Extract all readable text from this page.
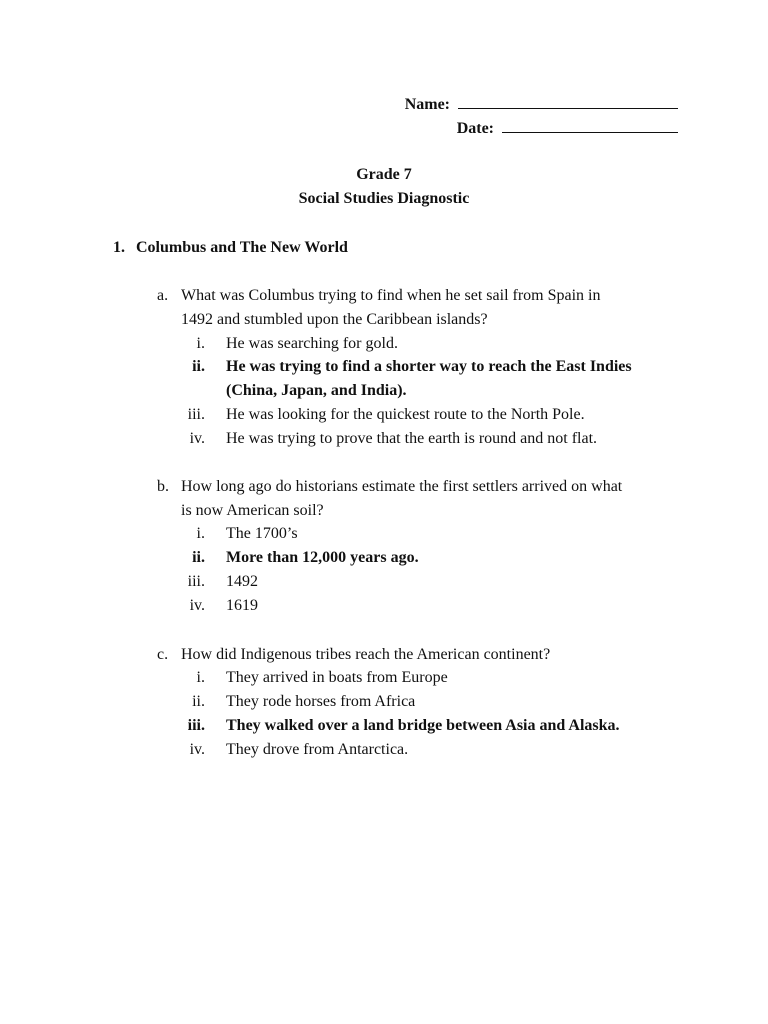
Name:
Date:
Grade 7
Social Studies Diagnostic
1. Columbus and The New World
a. What was Columbus trying to find when he set sail from Spain in
1492 and stumbled upon the Caribbean islands?
i. He was searching for gold.
ii. He was trying to find a shorter way to reach the East Indies
(China, Japan, and India).
iii. He was looking for the quickest route to the North Pole.
iv. He was trying to prove that the earth is round and not flat.
b. How long ago do historians estimate the first settlers arrived on what
is now American soil?
i. The 1700’s
ii. More than 12,000 years ago.
iii. 1492
iv. 1619
c. How did Indigenous tribes reach the American continent?
i. They arrived in boats from Europe
ii. They rode horses from Africa
iii. They walked over a land bridge between Asia and Alaska.
iv. They drove from Antarctica.
